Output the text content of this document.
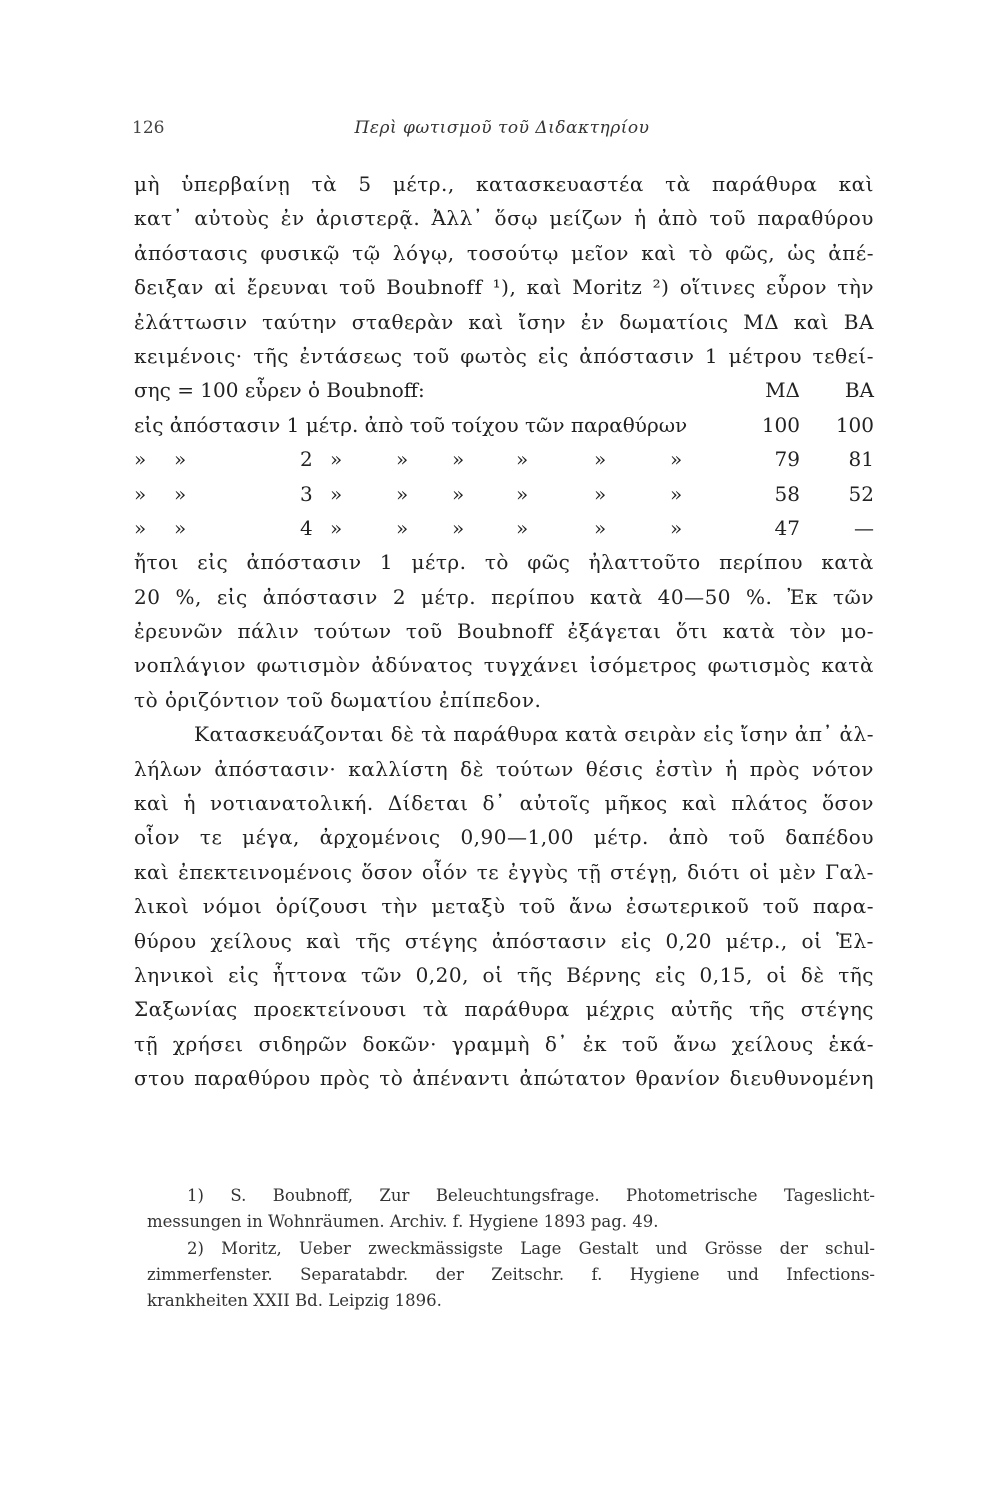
126	Περὶ φωτισμοῦ τοῦ Διδακτηρίου
μὴ ὑπερβαίνῃ τὰ 5 μέτρ., κατασκευαστέα τὰ παράθυρα καὶ
κατ᾽ αὐτοὺς ἐν ἀριστερᾷ. Ἀλλ᾽ ὅσῳ μείζων ἡ ἀπὸ τοῦ παραθύρου
ἀπόστασις φυσικῷ τῷ λόγῳ, τοσούτῳ μεῖον καὶ τὸ φῶς, ὡς ἀπέ-
δειξαν αἱ ἔρευναι τοῦ Boubnoff ¹), καὶ Moritz ²) οἵτινες εὗρον τὴν
ἐλάττωσιν ταύτην σταθερὰν καὶ ἴσην ἐν δωματίοις ΜΔ καὶ ΒΑ
κειμένοις· τῆς ἐντάσεως τοῦ φωτὸς εἰς ἀπόστασιν 1 μέτρου τεθεί-
σης = 100 εὗρεν ὁ Boubnoff:	ΜΔ ΒΑ
εἰς ἀπόστασιν 1 μέτρ. ἀπὸ τοῦ τοίχου τῶν παραθύρων	100 100
» »	2 »	» »	»	»	»	79 81
» »	3 »	» »	»	»	»	58 52
» »	4 »	» »	»	»	»	47	—
ἤτοι εἰς ἀπόστασιν 1 μέτρ. τὸ φῶς ἠλαττοῦτο περίπου κατὰ
20 %, εἰς ἀπόστασιν 2 μέτρ. περίπου κατὰ 40—50 %. Ἐκ τῶν
ἐρευνῶν πάλιν τούτων τοῦ Boubnoff ἐξάγεται ὅτι κατὰ τὸν μο-
νοπλάγιον φωτισμὸν ἀδύνατος τυγχάνει ἰσόμετρος φωτισμὸς κατὰ
τὸ ὁριζόντιον τοῦ δωματίου ἐπίπεδον.
Κατασκευάζονται δὲ τὰ παράθυρα κατὰ σειρὰν εἰς ἴσην ἀπ᾽ ἀλ-
λήλων ἀπόστασιν· καλλίστη δὲ τούτων θέσις ἐστὶν ἡ πρὸς νότον
καὶ ἡ νοτιανατολική. Δίδεται δ᾽ αὐτοῖς μῆκος καὶ πλάτος ὅσον
οἷον τε μέγα, ἀρχομένοις 0,90—1,00 μέτρ. ἀπὸ τοῦ δαπέδου
καὶ ἐπεκτεινομένοις ὅσον οἷόν τε ἐγγὺς τῇ στέγῃ, διότι οἱ μὲν Γαλ-
λικοὶ νόμοι ὁρίζουσι τὴν μεταξὺ τοῦ ἄνω ἐσωτερικοῦ τοῦ παρα-
θύρου χείλους καὶ τῆς στέγης ἀπόστασιν εἰς 0,20 μέτρ., οἱ Ἑλ-
ληνικοὶ εἰς ἧττονα τῶν 0,20, οἱ τῆς Βέρνης εἰς 0,15, οἱ δὲ τῆς
Σαξωνίας προεκτείνουσι τὰ παράθυρα μέχρις αὐτῆς τῆς στέγης
τῇ χρήσει σιδηρῶν δοκῶν· γραμμὴ δ᾽ ἐκ τοῦ ἄνω χείλους ἑκά-
στου παραθύρου πρὸς τὸ ἀπέναντι ἀπώτατον θρανίον διευθυνομένη
1) S. Boubnoff, Zur Beleuchtungsfrage. Photometrische Tageslicht-
messungen in Wohnräumen. Archiv. f. Hygiene 1893 pag. 49.
2) Moritz, Ueber zweckmässigste Lage Gestalt und Grösse der schul-
zimmerfenster. Separatabdr. der Zeitschr. f. Hygiene und Infections-
krankheiten XXII Bd. Leipzig 1896.
